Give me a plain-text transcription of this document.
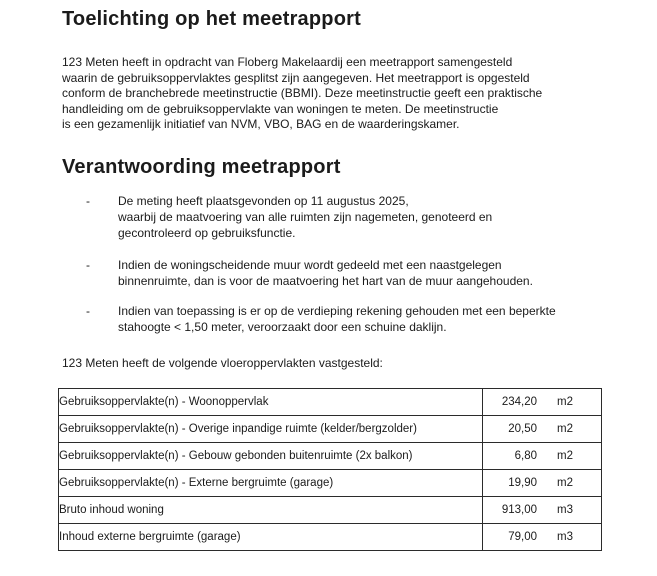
Toelichting op het meetrapport
123 Meten heeft in opdracht van Floberg Makelaardij een meetrapport samengesteld
waarin de gebruiksoppervlaktes gesplitst zijn aangegeven. Het meetrapport is opgesteld
conform de branchebrede meetinstructie (BBMI). Deze meetinstructie geeft een praktische
handleiding om de gebruiksoppervlakte van woningen te meten. De meetinstructie
is een gezamenlijk initiatief van NVM, VBO, BAG en de waarderingskamer.
Verantwoording meetrapport
-	De meting heeft plaatsgevonden op 11 augustus 2025,
waarbij de maatvoering van alle ruimten zijn nagemeten, genoteerd en
gecontroleerd op gebruiksfunctie.
-	Indien de woningscheidende muur wordt gedeeld met een naastgelegen
binnenruimte, dan is voor de maatvoering het hart van de muur aangehouden.
-	Indien van toepassing is er op de verdieping rekening gehouden met een beperkte
stahoogte < 1,50 meter, veroorzaakt door een schuine daklijn.
123 Meten heeft de volgende vloeroppervlakten vastgesteld:
Gebruiksoppervlakte(n) - Woonoppervlak	234,20 m2

Gebruiksoppervlakte(n) - Overige inpandige ruimte (kelder/bergzolder)	20,50 m2

Gebruiksoppervlakte(n) - Gebouw gebonden buitenruimte (2x balkon)	6,80 m2

Gebruiksoppervlakte(n) - Externe bergruimte (garage)	19,90 m2

Bruto inhoud woning	913,00 m3

Inhoud externe bergruimte (garage)	79,00 m3
